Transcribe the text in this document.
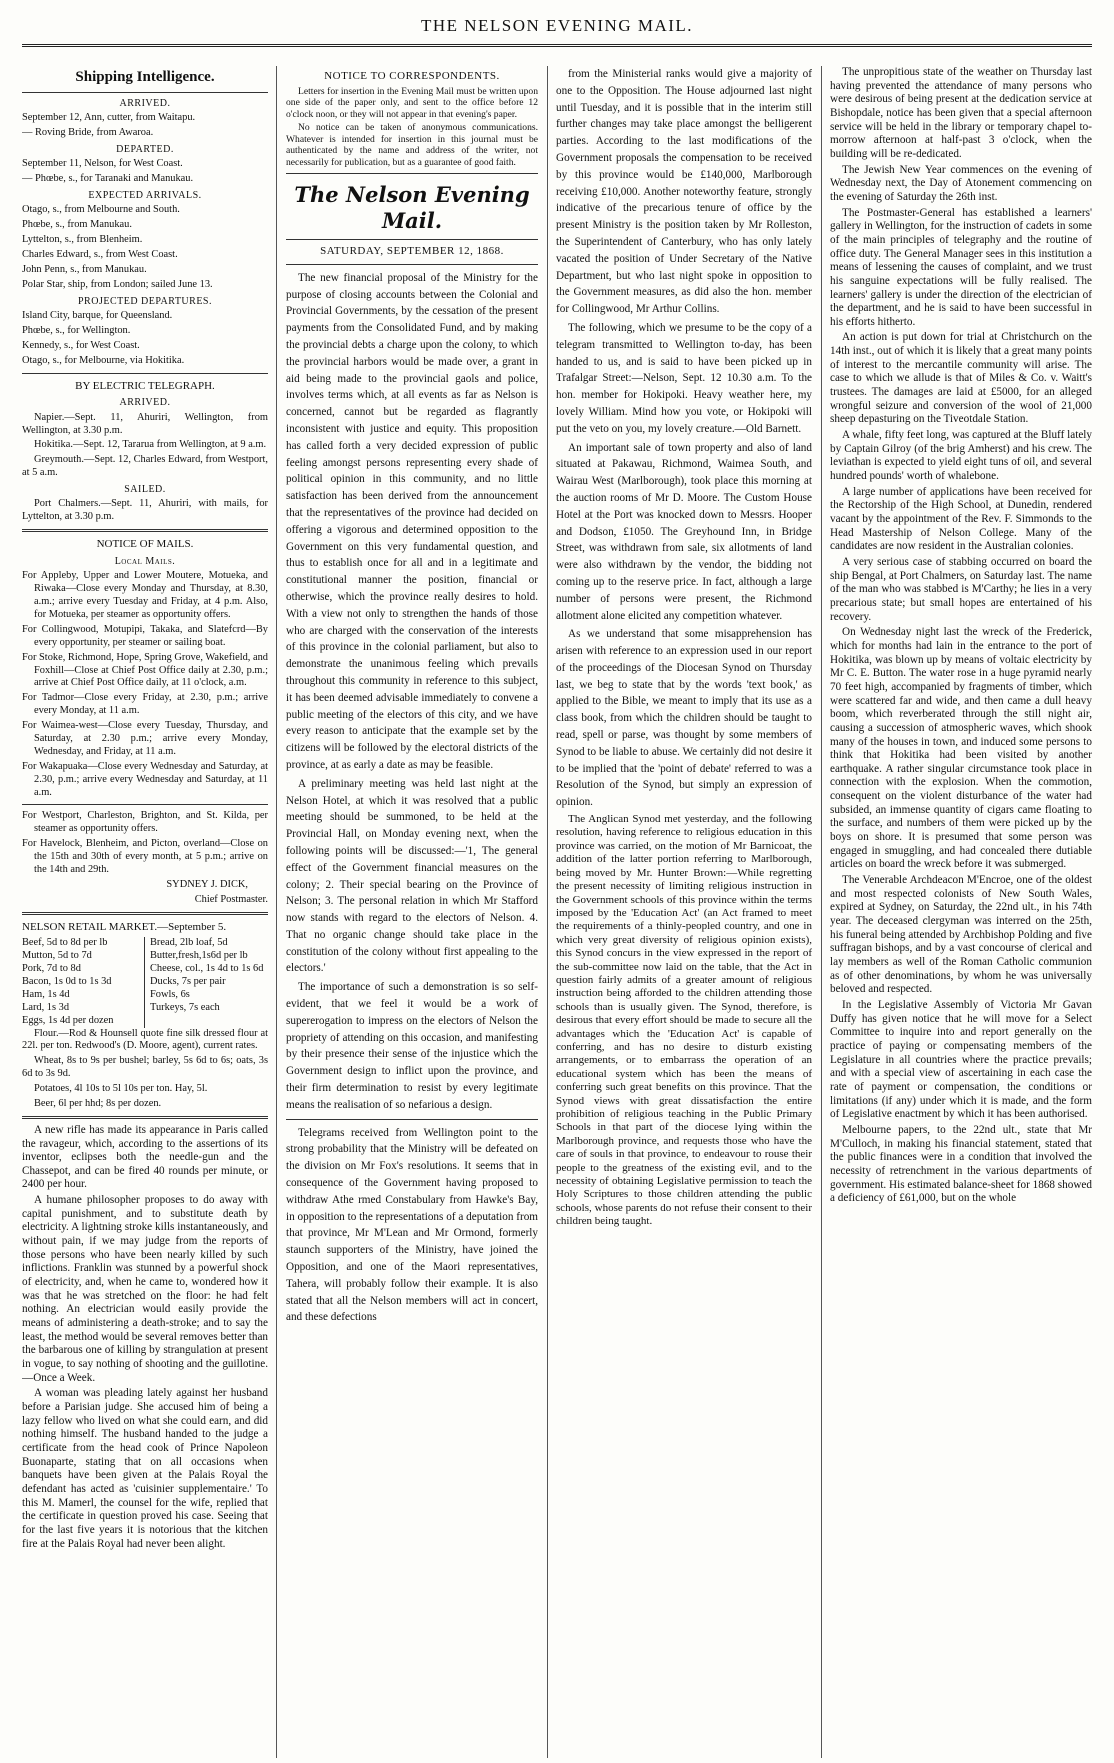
THE NELSON EVENING MAIL.
Shipping Intelligence.
ARRIVED.

September 12, Ann, cutter, from Waitapu.

— Roving Bride, from Awaroa.

DEPARTED.

September 11, Nelson, for West Coast.

— Phœbe, s., for Taranaki and Manukau.

EXPECTED ARRIVALS.

Otago, s., from Melbourne and South.

Phœbe, s., from Manukau.

Lyttelton, s., from Blenheim.

Charles Edward, s., from West Coast.

John Penn, s., from Manukau.

Polar Star, ship, from London; sailed June 13.

PROJECTED DEPARTURES.

Island City, barque, for Queensland.

Phœbe, s., for Wellington.

Kennedy, s., for West Coast.

Otago, s., for Melbourne, via Hokitika.

BY ELECTRIC TELEGRAPH.
ARRIVED.

Napier.—Sept. 11, Ahuriri, Wellington, from Wellington, at 3.30 p.m.

Hokitika.—Sept. 12, Tararua from Wellington, at 9 a.m.

Greymouth.—Sept. 12, Charles Edward, from Westport, at 5 a.m.

SAILED.

Port Chalmers.—Sept. 11, Ahuriri, with mails, for Lyttelton, at 3.30 p.m.

NOTICE OF MAILS.
Local Mails.

For Appleby, Upper and Lower Moutere, Motueka, and Riwaka—Close every Monday and Thursday, at 8.30, a.m.; arrive every Tuesday and Friday, at 4 p.m. Also, for Motueka, per steamer as opportunity offers.

For Collingwood, Motupipi, Takaka, and Slatefcrd—By every opportunity, per steamer or sailing boat.

For Stoke, Richmond, Hope, Spring Grove, Wakefield, and Foxhill—Close at Chief Post Office daily at 2.30, p.m.; arrive at Chief Post Office daily, at 11 o'clock, a.m.

For Tadmor—Close every Friday, at 2.30, p.m.; arrive every Monday, at 11 a.m.

For Waimea-west—Close every Tuesday, Thursday, and Saturday, at 2.30 p.m.; arrive every Monday, Wednesday, and Friday, at 11 a.m.

For Wakapuaka—Close every Wednesday and Saturday, at 2.30, p.m.; arrive every Wednesday and Saturday, at 11 a.m.

For Westport, Charleston, Brighton, and St. Kilda, per steamer as opportunity offers.

For Havelock, Blenheim, and Picton, overland—Close on the 15th and 30th of every month, at 5 p.m.; arrive on the 14th and 29th.

SYDNEY J. DICK,

Chief Postmaster.

NELSON RETAIL MARKET.—September 5.
Beef, 5d to 8d per lb
Mutton, 5d to 7d
Pork, 7d to 8d
Bacon, 1s 0d to 1s 3d
Ham, 1s 4d
Lard, 1s 3d
Eggs, 1s 4d per dozen
Bread, 2lb loaf, 5d
Butter,fresh,1s6d per lb
Cheese, col., 1s 4d to 1s 6d
Ducks, 7s per pair
Fowls, 6s
Turkeys, 7s each

Flour.—Rod & Hounsell quote fine silk dressed flour at 22l. per ton. Redwood's (D. Moore, agent), current rates.

Wheat, 8s to 9s per bushel; barley, 5s 6d to 6s; oats, 3s 6d to 3s 9d.

Potatoes, 4l 10s to 5l 10s per ton. Hay, 5l.

Beer, 6l per hhd; 8s per dozen.

A new rifle has made its appearance in Paris called the ravageur, which, according to the assertions of its inventor, eclipses both the needle-gun and the Chassepot, and can be fired 40 rounds per minute, or 2400 per hour.

A humane philosopher proposes to do away with capital punishment, and to substitute death by electricity. A lightning stroke kills instantaneously, and without pain, if we may judge from the reports of those persons who have been nearly killed by such inflictions. Franklin was stunned by a powerful shock of electricity, and, when he came to, wondered how it was that he was stretched on the floor: he had felt nothing. An electrician would easily provide the means of administering a death-stroke; and to say the least, the method would be several removes better than the barbarous one of killing by strangulation at present in vogue, to say nothing of shooting and the guillotine.—Once a Week.

A woman was pleading lately against her husband before a Parisian judge. She accused him of being a lazy fellow who lived on what she could earn, and did nothing himself. The husband handed to the judge a certificate from the head cook of Prince Napoleon Buonaparte, stating that on all occasions when banquets have been given at the Palais Royal the defendant has acted as 'cuisinier supplementaire.' To this M. Mamerl, the counsel for the wife, replied that the certificate in question proved his case. Seeing that for the last five years it is notorious that the kitchen fire at the Palais Royal had never been alight.

NOTICE TO CORRESPONDENTS.

Letters for insertion in the Evening Mail must be written upon one side of the paper only, and sent to the office before 12 o'clock noon, or they will not appear in that evening's paper.

No notice can be taken of anonymous communications. Whatever is intended for insertion in this journal must be authenticated by the name and address of the writer, not necessarily for publication, but as a guarantee of good faith.

The Nelson Evening Mail.
SATURDAY, SEPTEMBER 12, 1868.

The new financial proposal of the Ministry for the purpose of closing accounts between the Colonial and Provincial Governments, by the cessation of the present payments from the Consolidated Fund, and by making the provincial debts a charge upon the colony, to which the provincial harbors would be made over, a grant in aid being made to the provincial gaols and police, involves terms which, at all events as far as Nelson is concerned, cannot but be regarded as flagrantly inconsistent with justice and equity. This proposition has called forth a very decided expression of public feeling amongst persons representing every shade of political opinion in this community, and no little satisfaction has been derived from the announcement that the representatives of the province had decided on offering a vigorous and determined opposition to the Government on this very fundamental question, and thus to establish once for all and in a legitimate and constitutional manner the position, financial or otherwise, which the province really desires to hold. With a view not only to strengthen the hands of those who are charged with the conservation of the interests of this province in the colonial parliament, but also to demonstrate the unanimous feeling which prevails throughout this community in reference to this subject, it has been deemed advisable immediately to convene a public meeting of the electors of this city, and we have every reason to anticipate that the example set by the citizens will be followed by the electoral districts of the province, at as early a date as may be feasible.

A preliminary meeting was held last night at the Nelson Hotel, at which it was resolved that a public meeting should be summoned, to be held at the Provincial Hall, on Monday evening next, when the following points will be discussed:—'1, The general effect of the Government financial measures on the colony; 2. Their special bearing on the Province of Nelson; 3. The personal relation in which Mr Stafford now stands with regard to the electors of Nelson. 4. That no organic change should take place in the constitution of the colony without first appealing to the electors.'

The importance of such a demonstration is so self-evident, that we feel it would be a work of supererogation to impress on the electors of Nelson the propriety of attending on this occasion, and manifesting by their presence their sense of the injustice which the Government design to inflict upon the province, and their firm determination to resist by every legitimate means the realisation of so nefarious a design.

Telegrams received from Wellington point to the strong probability that the Ministry will be defeated on the division on Mr Fox's resolutions. It seems that in consequence of the Government having proposed to withdraw Athe rmed Constabulary from Hawke's Bay, in opposition to the representations of a deputation from that province, Mr M'Lean and Mr Ormond, formerly staunch supporters of the Ministry, have joined the Opposition, and one of the Maori representatives, Tahera, will probably follow their example. It is also stated that all the Nelson members will act in concert, and these defections

from the Ministerial ranks would give a majority of one to the Opposition. The House adjourned last night until Tuesday, and it is possible that in the interim still further changes may take place amongst the belligerent parties. According to the last modifications of the Government proposals the compensation to be received by this province would be £140,000, Marlborough receiving £10,000. Another noteworthy feature, strongly indicative of the precarious tenure of office by the present Ministry is the position taken by Mr Rolleston, the Superintendent of Canterbury, who has only lately vacated the position of Under Secretary of the Native Department, but who last night spoke in opposition to the Government measures, as did also the hon. member for Collingwood, Mr Arthur Collins.

The following, which we presume to be the copy of a telegram transmitted to Wellington to-day, has been handed to us, and is said to have been picked up in Trafalgar Street:—Nelson, Sept. 12 10.30 a.m. To the hon. member for Hokipoki. Heavy weather here, my lovely William. Mind how you vote, or Hokipoki will put the veto on you, my lovely creature.—Old Barnett.

An important sale of town property and also of land situated at Pakawau, Richmond, Waimea South, and Wairau West (Marlborough), took place this morning at the auction rooms of Mr D. Moore. The Custom House Hotel at the Port was knocked down to Messrs. Hooper and Dodson, £1050. The Greyhound Inn, in Bridge Street, was withdrawn from sale, six allotments of land were also withdrawn by the vendor, the bidding not coming up to the reserve price. In fact, although a large number of persons were present, the Richmond allotment alone elicited any competition whatever.

As we understand that some misapprehension has arisen with reference to an expression used in our report of the proceedings of the Diocesan Synod on Thursday last, we beg to state that by the words 'text book,' as applied to the Bible, we meant to imply that its use as a class book, from which the children should be taught to read, spell or parse, was thought by some members of Synod to be liable to abuse. We certainly did not desire it to be implied that the 'point of debate' referred to was a Resolution of the Synod, but simply an expression of opinion.

The Anglican Synod met yesterday, and the following resolution, having reference to religious education in this province was carried, on the motion of Mr Barnicoat, the addition of the latter portion referring to Marlborough, being moved by Mr. Hunter Brown:—While regretting the present necessity of limiting religious instruction in the Government schools of this province within the terms imposed by the 'Education Act' (an Act framed to meet the requirements of a thinly-peopled country, and one in which very great diversity of religious opinion exists), this Synod concurs in the view expressed in the report of the sub-committee now laid on the table, that the Act in question fairly admits of a greater amount of religious instruction being afforded to the children attending those schools than is usually given. The Synod, therefore, is desirous that every effort should be made to secure all the advantages which the 'Education Act' is capable of conferring, and has no desire to disturb existing arrangements, or to embarrass the operation of an educational system which has been the means of conferring such great benefits on this province. That the Synod views with great dissatisfaction the entire prohibition of religious teaching in the Public Primary Schools in that part of the diocese lying within the Marlborough province, and requests those who have the care of souls in that province, to endeavour to rouse their people to the greatness of the existing evil, and to the necessity of obtaining Legislative permission to teach the Holy Scriptures to those children attending the public schools, whose parents do not refuse their consent to their children being taught.

The unpropitious state of the weather on Thursday last having prevented the attendance of many persons who were desirous of being present at the dedication service at Bishopdale, notice has been given that a special afternoon service will be held in the library or temporary chapel to-morrow afternoon at half-past 3 o'clock, when the building will be re-dedicated.

The Jewish New Year commences on the evening of Wednesday next, the Day of Atonement commencing on the evening of Saturday the 26th inst.

The Postmaster-General has established a learners' gallery in Wellington, for the instruction of cadets in some of the main principles of telegraphy and the routine of office duty. The General Manager sees in this institution a means of lessening the causes of complaint, and we trust his sanguine expectations will be fully realised. The learners' gallery is under the direction of the electrician of the department, and he is said to have been successful in his efforts hitherto.

An action is put down for trial at Christchurch on the 14th inst., out of which it is likely that a great many points of interest to the mercantile community will arise. The case to which we allude is that of Miles & Co. v. Waitt's trustees. The damages are laid at £5000, for an alleged wrongful seizure and conversion of the wool of 21,000 sheep depasturing on the Tiveotdale Station.

A whale, fifty feet long, was captured at the Bluff lately by Captain Gilroy (of the brig Amherst) and his crew. The leviathan is expected to yield eight tuns of oil, and several hundred pounds' worth of whalebone.

A large number of applications have been received for the Rectorship of the High School, at Dunedin, rendered vacant by the appointment of the Rev. F. Simmonds to the Head Mastership of Nelson College. Many of the candidates are now resident in the Australian colonies.

A very serious case of stabbing occurred on board the ship Bengal, at Port Chalmers, on Saturday last. The name of the man who was stabbed is M'Carthy; he lies in a very precarious state; but small hopes are entertained of his recovery.

On Wednesday night last the wreck of the Frederick, which for months had lain in the entrance to the port of Hokitika, was blown up by means of voltaic electricity by Mr C. E. Button. The water rose in a huge pyramid nearly 70 feet high, accompanied by fragments of timber, which were scattered far and wide, and then came a dull heavy boom, which reverberated through the still night air, causing a succession of atmospheric waves, which shook many of the houses in town, and induced some persons to think that Hokitika had been visited by another earthquake. A rather singular circumstance took place in connection with the explosion. When the commotion, consequent on the violent disturbance of the water had subsided, an immense quantity of cigars came floating to the surface, and numbers of them were picked up by the boys on shore. It is presumed that some person was engaged in smuggling, and had concealed there dutiable articles on board the wreck before it was submerged.

The Venerable Archdeacon M'Encroe, one of the oldest and most respected colonists of New South Wales, expired at Sydney, on Saturday, the 22nd ult., in his 74th year. The deceased clergyman was interred on the 25th, his funeral being attended by Archbishop Polding and five suffragan bishops, and by a vast concourse of clerical and lay members as well of the Roman Catholic communion as of other denominations, by whom he was universally beloved and respected.

In the Legislative Assembly of Victoria Mr Gavan Duffy has given notice that he will move for a Select Committee to inquire into and report generally on the practice of paying or compensating members of the Legislature in all countries where the practice prevails; and with a special view of ascertaining in each case the rate of payment or compensation, the conditions or limitations (if any) under which it is made, and the form of Legislative enactment by which it has been authorised.

Melbourne papers, to the 22nd ult., state that Mr M'Culloch, in making his financial statement, stated that the public finances were in a condition that involved the necessity of retrenchment in the various departments of government. His estimated balance-sheet for 1868 showed a deficiency of £61,000, but on the whole
